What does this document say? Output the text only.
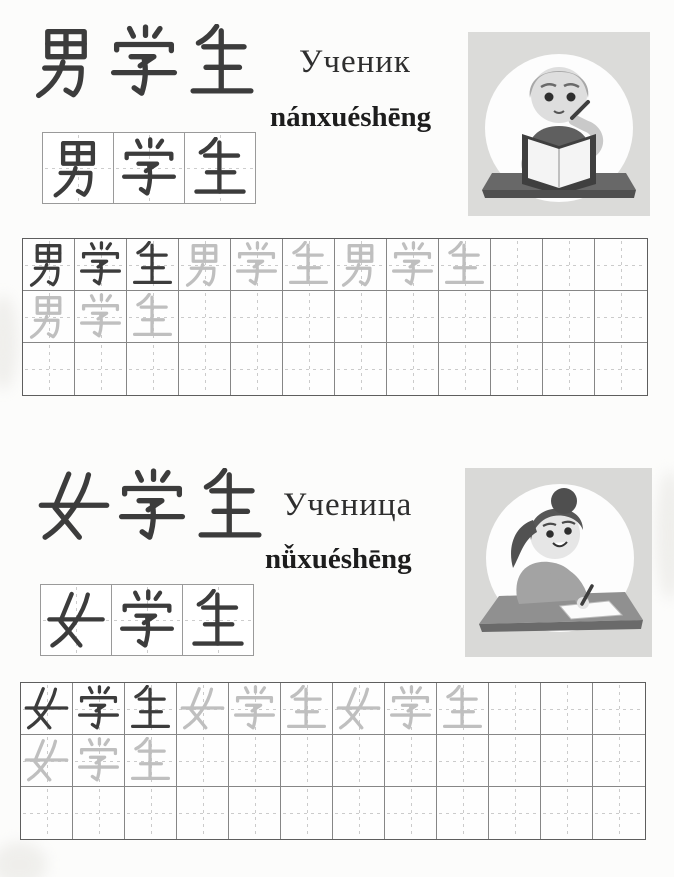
Ученик
nánxuéshēng
Ученица
nǚxuéshēng
